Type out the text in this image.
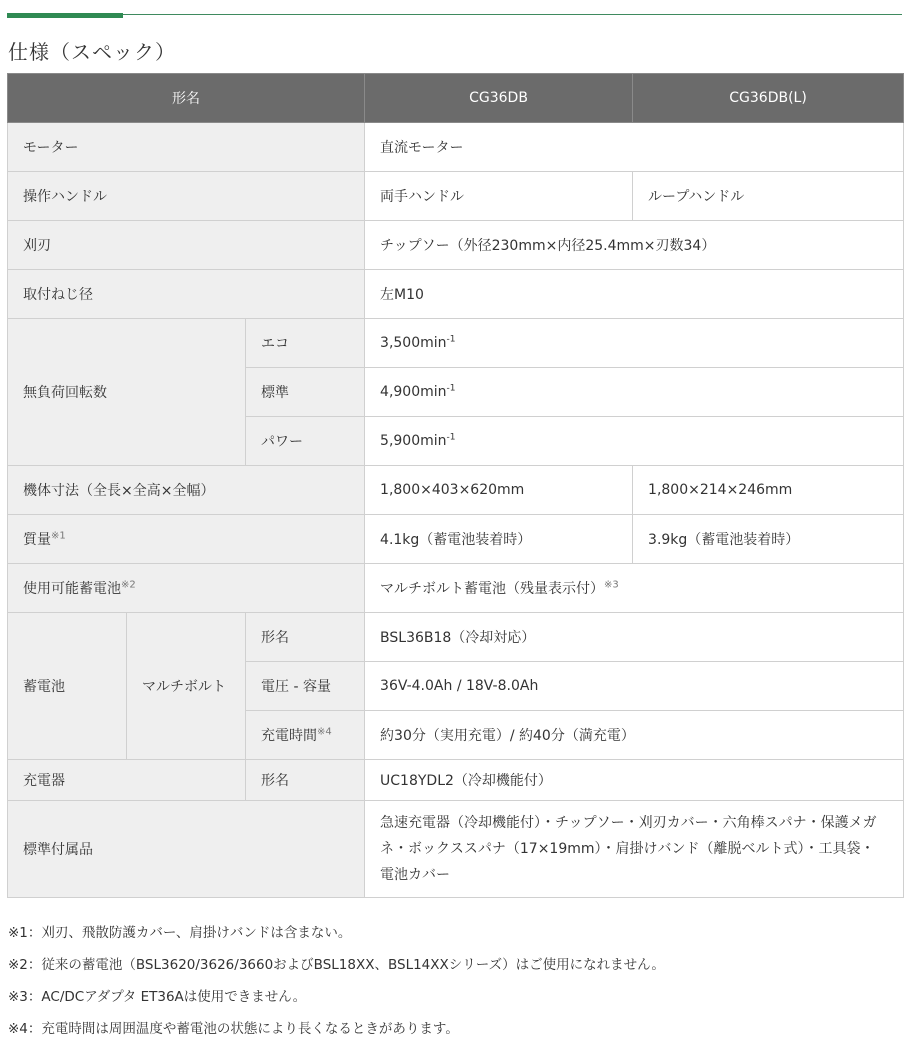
仕様（スペック）
形名			CG36DB	CG36DB(L)
モーター			直流モーター	
操作ハンドル			両手ハンドル	ループハンドル
刈刃			チップソー（外径230mm×内径25.4mm×刃数34）	
取付ねじ径			左M10	
無負荷回転数		エコ	$3,500\min^{-1}$
		標準	$4,900\min^{-1}$
		パワー	$5,900\min^{-1}$
機体寸法（全長×全高×全幅）			1,800×403×620mm	1,800×214×246mm
質量$^{※1}$			4.1kg（蓄電池装着時）	3.9kg（蓄電池装着時）
使用可能蓄電池$^{※2}$			マルチボルト蓄電池（残量表示付）$^{※3}$
蓄電池	マルチボルト	形名	BSL36B18（冷却対応）	
		電圧 - 容量	36V-4.0Ah / 18V-8.0Ah	
		充電時間$^{※4}$	約30分（実用充電）/ 約40分（満充電）	
充電器		形名	UC18YDL2（冷却機能付）	
標準付属品			急速充電器（冷却機能付）・チップソー・刈刃カバー・六角棒スパナ・保護メガネ・ボックススパナ（17×19mm）・肩掛けバンド（離脱ベルト式）・工具袋・電池カバー	
※1：刈刃、飛散防護カバー、肩掛けバンドは含まない。
※2：従来の蓄電池（BSL3620/3626/3660およびBSL18XX、BSL14XXシリーズ）はご使用になれません。
※3：AC/DCアダプタ ET36Aは使用できません。
※4：充電時間は周囲温度や蓄電池の状態により長くなるときがあります。
